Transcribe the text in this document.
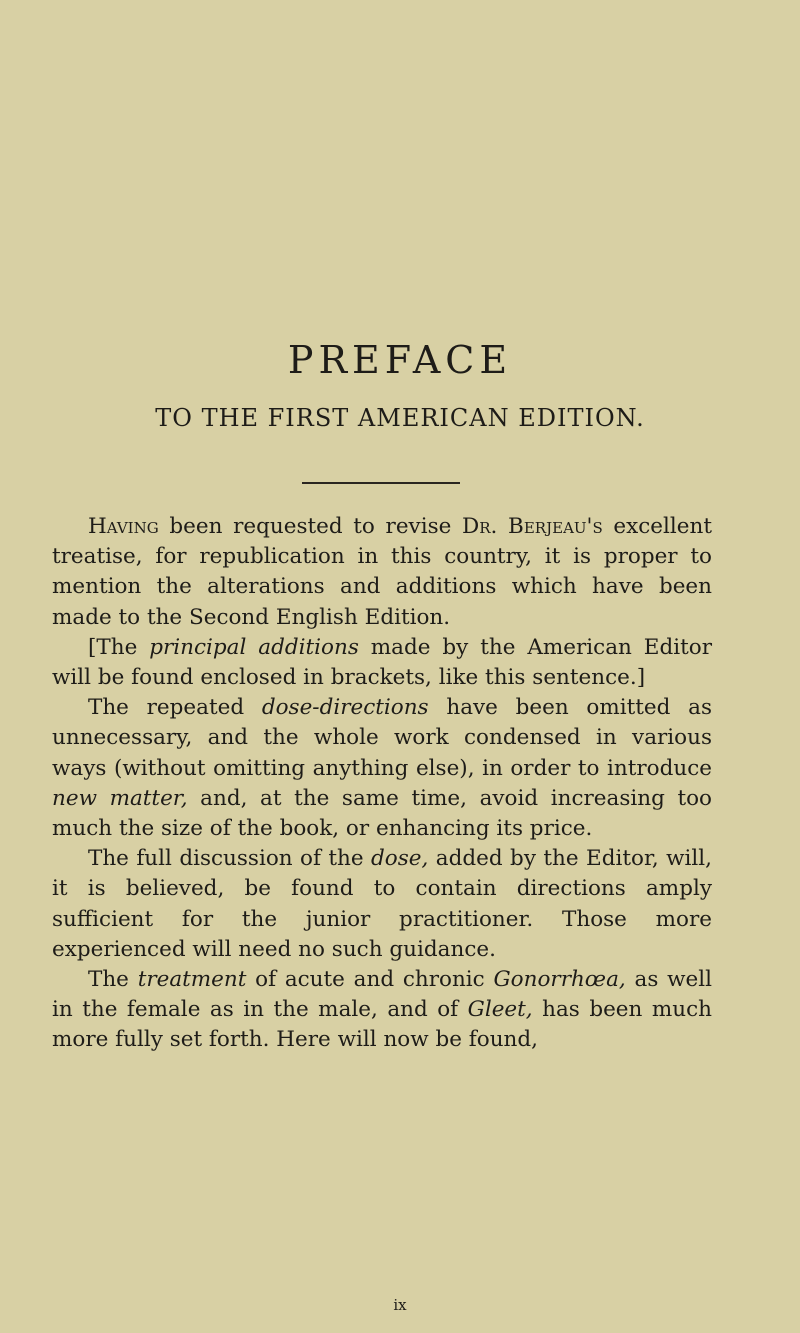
PREFACE
TO THE FIRST AMERICAN EDITION.

Having been requested to revise Dr. Berjeau's excellent treatise, for republication in this country, it is proper to mention the alterations and additions which have been made to the Second English Edition.

[The principal additions made by the American Editor will be found enclosed in brackets, like this sentence.]

The repeated dose-directions have been omitted as unnecessary, and the whole work condensed in various ways (without omitting anything else), in order to introduce new matter, and, at the same time, avoid increasing too much the size of the book, or enhancing its price.

The full discussion of the dose, added by the Editor, will, it is believed, be found to contain directions amply sufficient for the junior practitioner. Those more experienced will need no such guidance.

The treatment of acute and chronic Gonorrhœa, as well in the female as in the male, and of Gleet, has been much more fully set forth. Here will now be found,

ix
